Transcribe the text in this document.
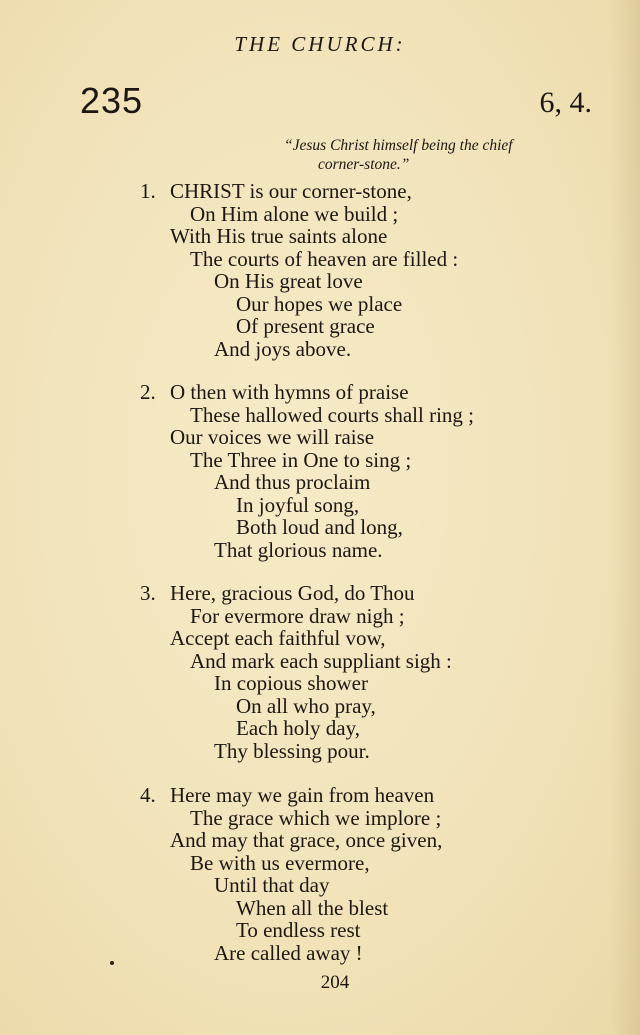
THE CHURCH:
235	6, 4.
“Jesus Christ himself being the chief
corner-stone.”
1. CHRIST is our corner-stone,
On Him alone we build ;
With His true saints alone
The courts of heaven are filled :
On His great love
Our hopes we place
Of present grace
And joys above.
2. O then with hymns of praise
These hallowed courts shall ring ;
Our voices we will raise
The Three in One to sing ;
And thus proclaim
In joyful song,
Both loud and long,
That glorious name.
3. Here, gracious God, do Thou
For evermore draw nigh ;
Accept each faithful vow,
And mark each suppliant sigh :
In copious shower
On all who pray,
Each holy day,
Thy blessing pour.
4. Here may we gain from heaven
The grace which we implore ;
And may that grace, once given,
Be with us evermore,
Until that day
When all the blest
To endless rest
Are called away !
204
